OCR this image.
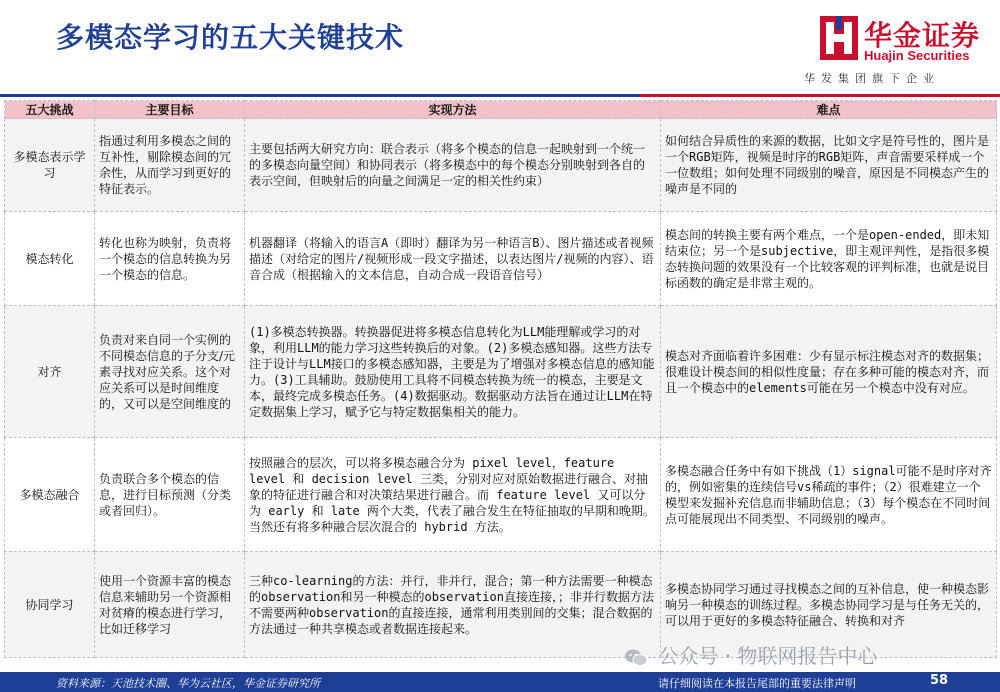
多模态学习的五大关键技术	华金证券
Huajin Securities
华发集团旗下企业
五大挑战	主要目标	实现方法	难点
多模态表示学习	指通过利用多模态之间的互补性，剔除模态间的冗余性，从而学习到更好的特征表示。	主要包括两大研究方向：联合表示（将多个模态的信息一起映射到一个统一的多模态向量空间）和协同表示（将多模态中的每个模态分别映射到各自的表示空间，但映射后的向量之间满足一定的相关性约束）	如何结合异质性的来源的数据，比如文字是符号性的，图片是一个RGB矩阵，视频是时序的RGB矩阵，声音需要采样成一个一位数组；如何处理不同级别的噪音，原因是不同模态产生的噪声是不同的
模态转化	转化也称为映射，负责将一个模态的信息转换为另一个模态的信息。	机器翻译（将输入的语言A（即时）翻译为另一种语言B）、图片描述或者视频描述（对给定的图片/视频形成一段文字描述，以表达图片/视频的内容）、语音合成（根据输入的文本信息，自动合成一段语音信号）	模态间的转换主要有两个难点，一个是open-ended，即未知结束位；另一个是subjective，即主观评判性，是指很多模态转换问题的效果没有一个比较客观的评判标准，也就是说目标函数的确定是非常主观的。
对齐	负责对来自同一个实例的不同模态信息的子分支/元素寻找对应关系。这个对应关系可以是时间维度的，又可以是空间维度的	(1)多模态转换器。转换器促进将多模态信息转化为LLM能理解或学习的对象，利用LLM的能力学习这些转换后的对象。(2)多模态感知器。这些方法专注于设计与LLM接口的多模态感知器，主要是为了增强对多模态信息的感知能力。(3)工具辅助。鼓励使用工具将不同模态转换为统一的模态，主要是文本，最终完成多模态任务。(4)数据驱动。数据驱动方法旨在通过让LLM在特定数据集上学习，赋予它与特定数据集相关的能力。	模态对齐面临着许多困难：少有显示标注模态对齐的数据集；很难设计模态间的相似性度量；存在多种可能的模态对齐，而且一个模态中的elements可能在另一个模态中没有对应。
多模态融合	负责联合多个模态的信息，进行目标预测（分类或者回归）。	按照融合的层次，可以将多模态融合分为 pixel level，feature level 和 decision level 三类，分别对应对原始数据进行融合、对抽象的特征进行融合和对决策结果进行融合。而 feature level 又可以分为 early 和 late 两个大类，代表了融合发生在特征抽取的早期和晚期。当然还有将多种融合层次混合的 hybrid 方法。	多模态融合任务中有如下挑战（1）signal可能不是时序对齐的，例如密集的连续信号vs稀疏的事件；（2）很难建立一个模型来发掘补充信息而非辅助信息；（3）每个模态在不同时间点可能展现出不同类型、不同级别的噪声。
协同学习	使用一个资源丰富的模态信息来辅助另一个资源相对贫瘠的模态进行学习，比如迁移学习	三种co-learning的方法：并行，非并行，混合；第一种方法需要一种模态的observation和另一种模态的observation直接连接，；非并行数据方法不需要两种observation的直接连接，通常利用类别间的交集；混合数据的方法通过一种共享模态或者数据连接起来。	多模态协同学习通过寻找模态之间的互补信息，使一种模态影响另一种模态的训练过程。多模态协同学习是与任务无关的，可以用于更好的多模态特征融合、转换和对齐
公众号 · 物联网报告中心
资料来源：天池技术圈、华为云社区，华金证券研究所	请仔细阅读在本报告尾部的重要法律声明	58
